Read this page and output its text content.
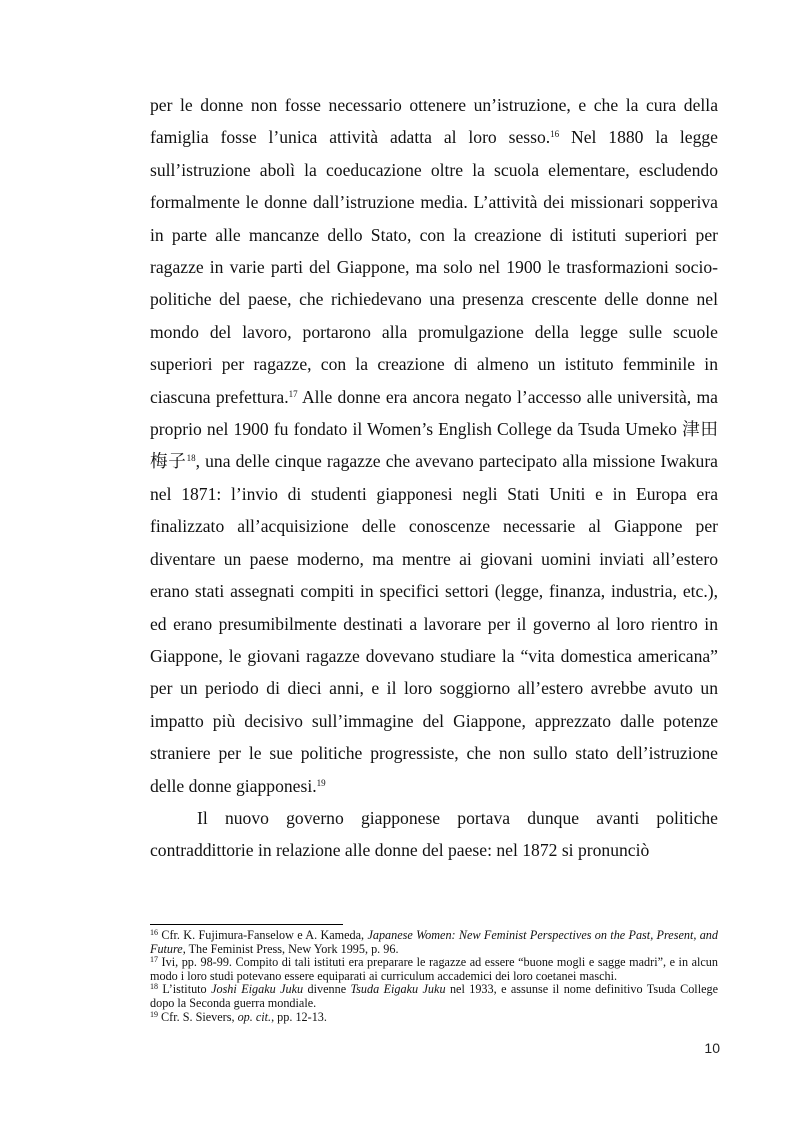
per le donne non fosse necessario ottenere un’istruzione, e che la cura della famiglia fosse l’unica attività adatta al loro sesso.$^{16}$ Nel 1880 la legge sull’istruzione abolì la coeducazione oltre la scuola elementare, escludendo formalmente le donne dall’istruzione media. L’attività dei missionari sopperiva in parte alle mancanze dello Stato, con la creazione di istituti superiori per ragazze in varie parti del Giappone, ma solo nel 1900 le trasformazioni socio-politiche del paese, che richiedevano una presenza crescente delle donne nel mondo del lavoro, portarono alla promulgazione della legge sulle scuole superiori per ragazze, con la creazione di almeno un istituto femminile in ciascuna prefettura.$^{17}$ Alle donne era ancora negato l’accesso alle università, ma proprio nel 1900 fu fondato il Women’s English College da Tsuda Umeko 津田梅子$^{18}$, una delle cinque ragazze che avevano partecipato alla missione Iwakura nel 1871: l’invio di studenti giapponesi negli Stati Uniti e in Europa era finalizzato all’acquisizione delle conoscenze necessarie al Giappone per diventare un paese moderno, ma mentre ai giovani uomini inviati all’estero erano stati assegnati compiti in specifici settori (legge, finanza, industria, etc.), ed erano presumibilmente destinati a lavorare per il governo al loro rientro in Giappone, le giovani ragazze dovevano studiare la “vita domestica americana” per un periodo di dieci anni, e il loro soggiorno all’estero avrebbe avuto un impatto più decisivo sull’immagine del Giappone, apprezzato dalle potenze straniere per le sue politiche progressiste, che non sullo stato dell’istruzione delle donne giapponesi.$^{19}$

Il nuovo governo giapponese portava dunque avanti politiche contraddittorie in relazione alle donne del paese: nel 1872 si pronunciò

$^{16}$ Cfr. K. Fujimura-Fanselow e A. Kameda, Japanese Women: New Feminist Perspectives on the Past, Present, and Future, The Feminist Press, New York 1995, p. 96.

$^{17}$ Ivi, pp. 98-99. Compito di tali istituti era preparare le ragazze ad essere “buone mogli e sagge madri”, e in alcun modo i loro studi potevano essere equiparati ai curriculum accademici dei loro coetanei maschi.

$^{18}$ L’istituto Joshi Eigaku Juku divenne Tsuda Eigaku Juku nel 1933, e assunse il nome definitivo Tsuda College dopo la Seconda guerra mondiale.

$^{19}$ Cfr. S. Sievers, op. cit., pp. 12-13.

10
